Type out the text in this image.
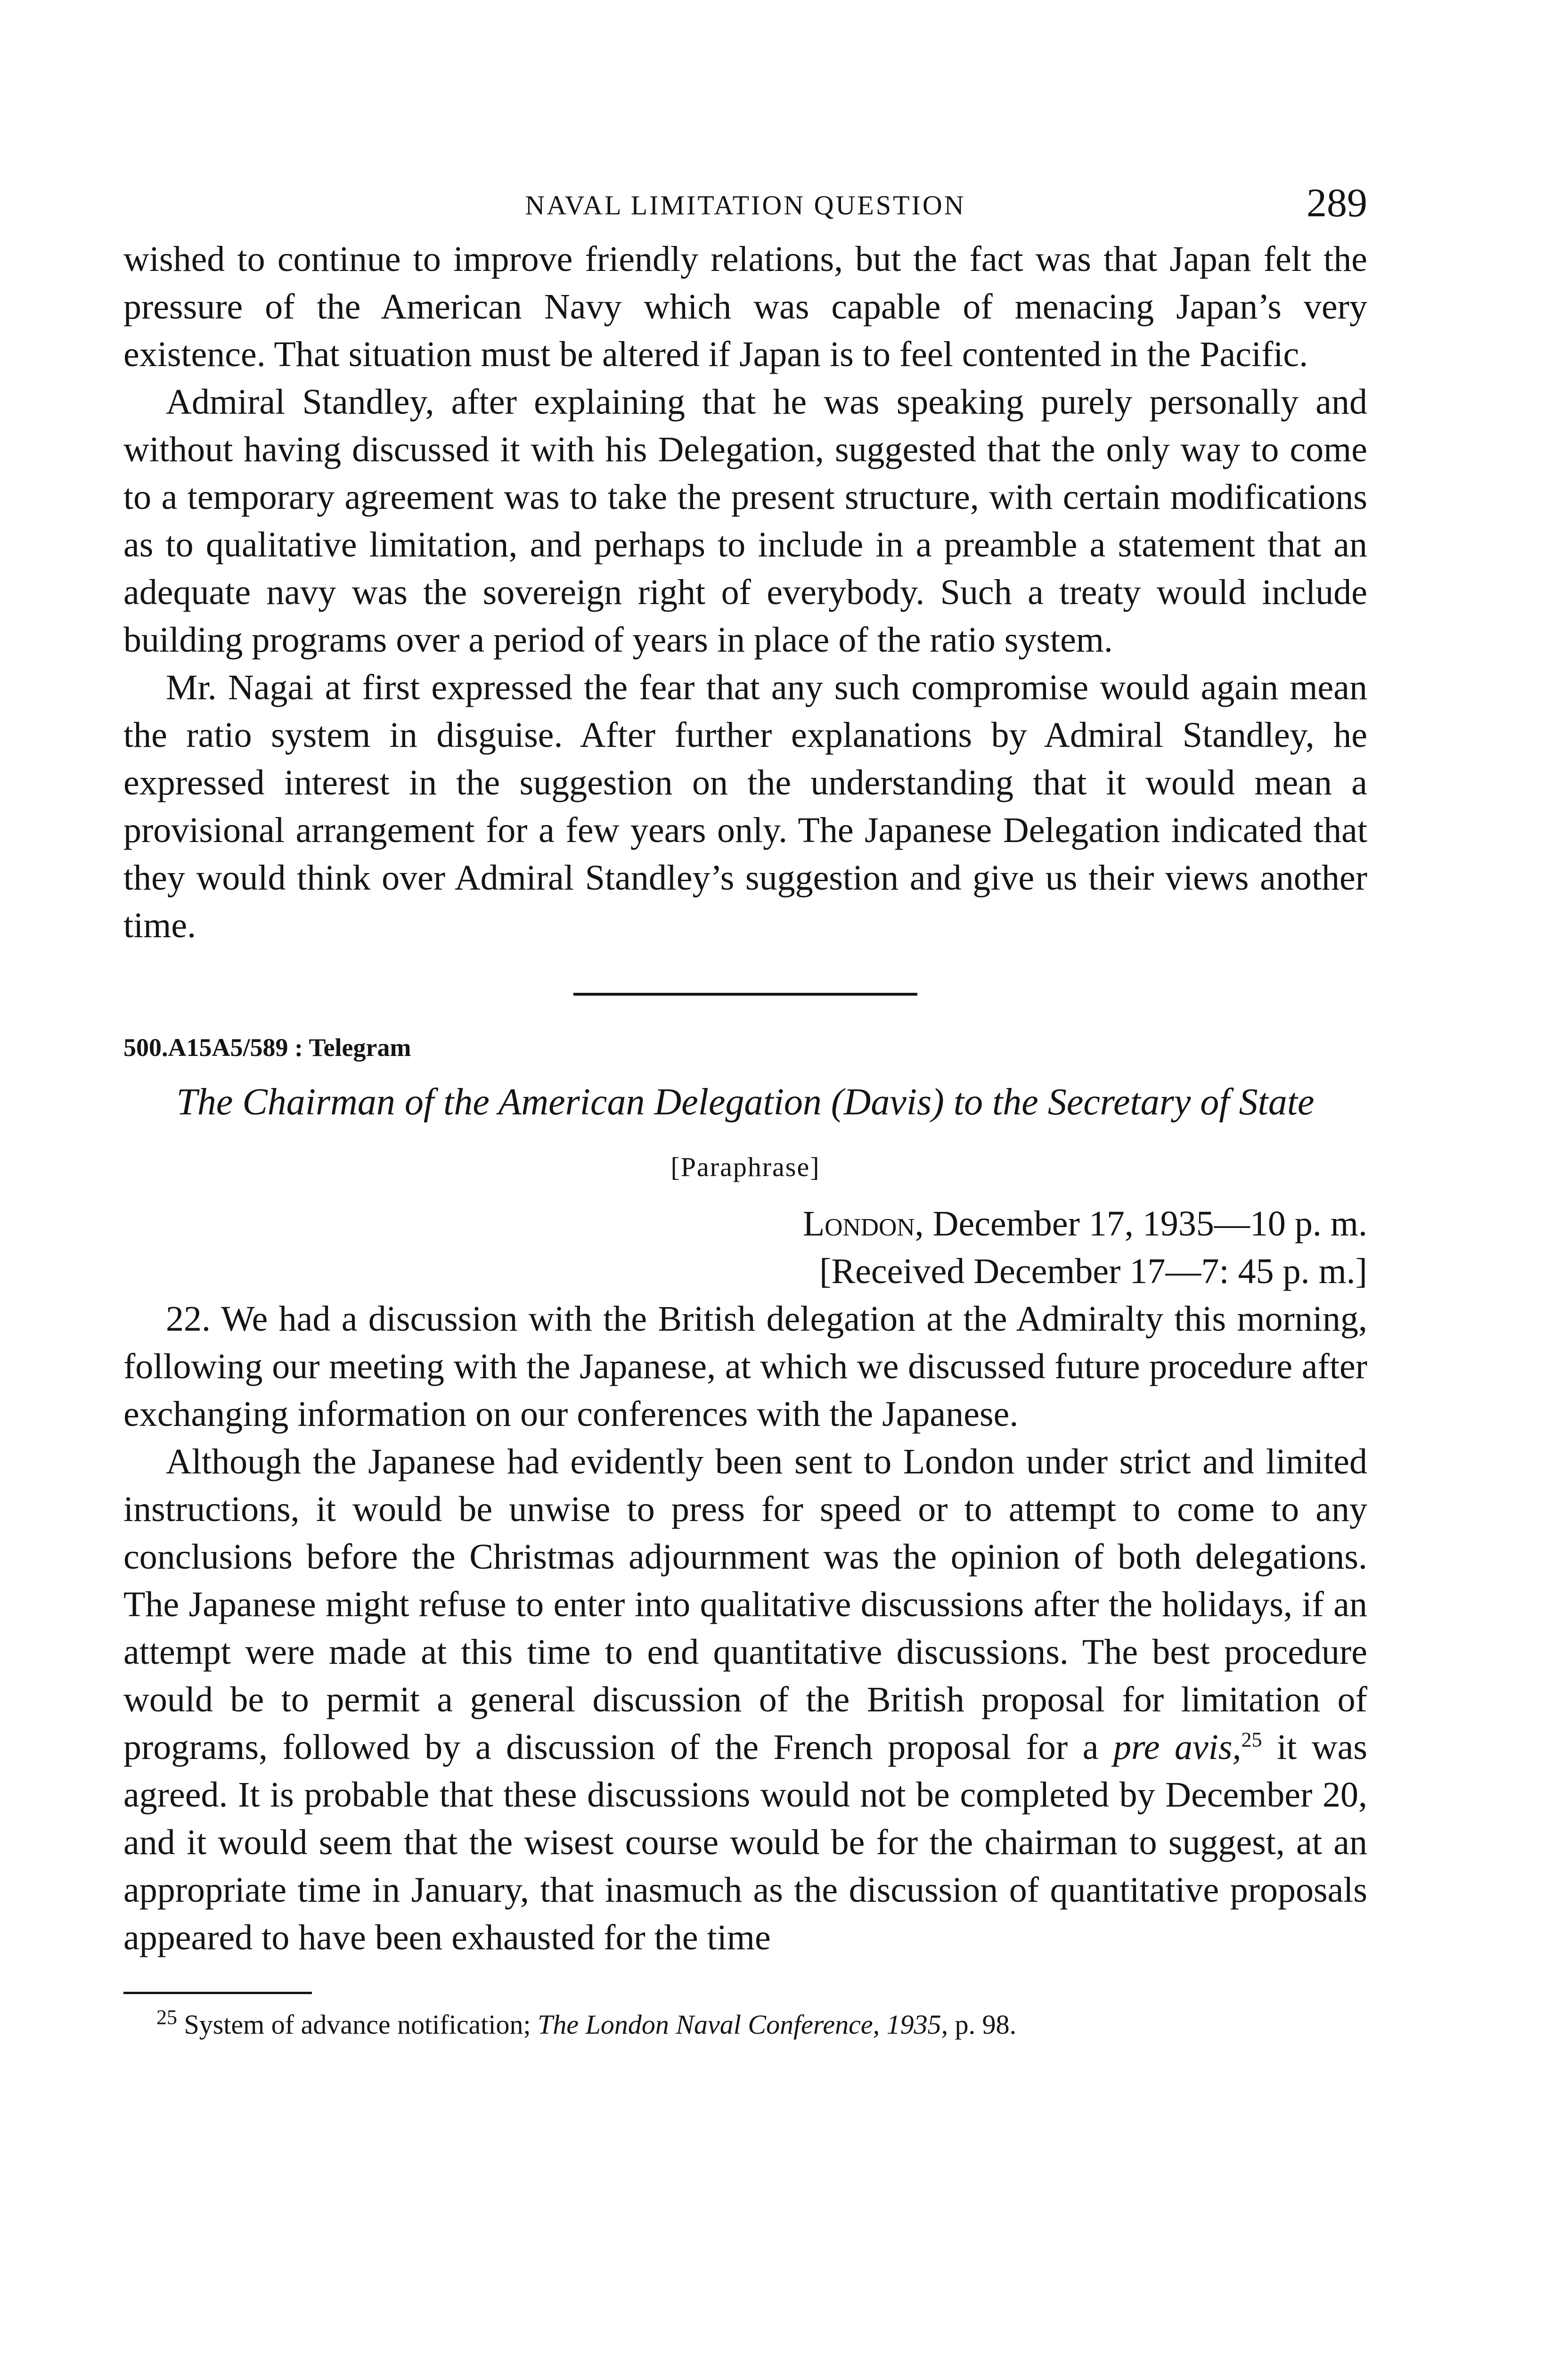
NAVAL LIMITATION QUESTION	289

wished to continue to improve friendly relations, but the fact was that Japan felt the pressure of the American Navy which was capable of menacing Japan’s very existence. That situation must be altered if Japan is to feel contented in the Pacific.

Admiral Standley, after explaining that he was speaking purely personally and without having discussed it with his Delegation, suggested that the only way to come to a temporary agreement was to take the present structure, with certain modifications as to qualitative limitation, and perhaps to include in a preamble a statement that an adequate navy was the sovereign right of everybody. Such a treaty would include building programs over a period of years in place of the ratio system.

Mr. Nagai at first expressed the fear that any such compromise would again mean the ratio system in disguise. After further explanations by Admiral Standley, he expressed interest in the suggestion on the understanding that it would mean a provisional arrangement for a few years only. The Japanese Delegation indicated that they would think over Admiral Standley’s suggestion and give us their views another time.

500.A15A5/589 : Telegram
The Chairman of the American Delegation (Davis) to the Secretary of State
[Paraphrase]
London, December 17, 1935—10 p. m.
[Received December 17—7: 45 p. m.]

22. We had a discussion with the British delegation at the Admiralty this morning, following our meeting with the Japanese, at which we discussed future procedure after exchanging information on our conferences with the Japanese.

Although the Japanese had evidently been sent to London under strict and limited instructions, it would be unwise to press for speed or to attempt to come to any conclusions before the Christmas adjournment was the opinion of both delegations. The Japanese might refuse to enter into qualitative discussions after the holidays, if an attempt were made at this time to end quantitative discussions. The best procedure would be to permit a general discussion of the British proposal for limitation of programs, followed by a discussion of the French proposal for a pre avis,$^{25}$ it was agreed. It is probable that these discussions would not be completed by December 20, and it would seem that the wisest course would be for the chairman to suggest, at an appropriate time in January, that inasmuch as the discussion of quantitative proposals appeared to have been exhausted for the time

$^{25}$ System of advance notification; The London Naval Conference, 1935, p. 98.
